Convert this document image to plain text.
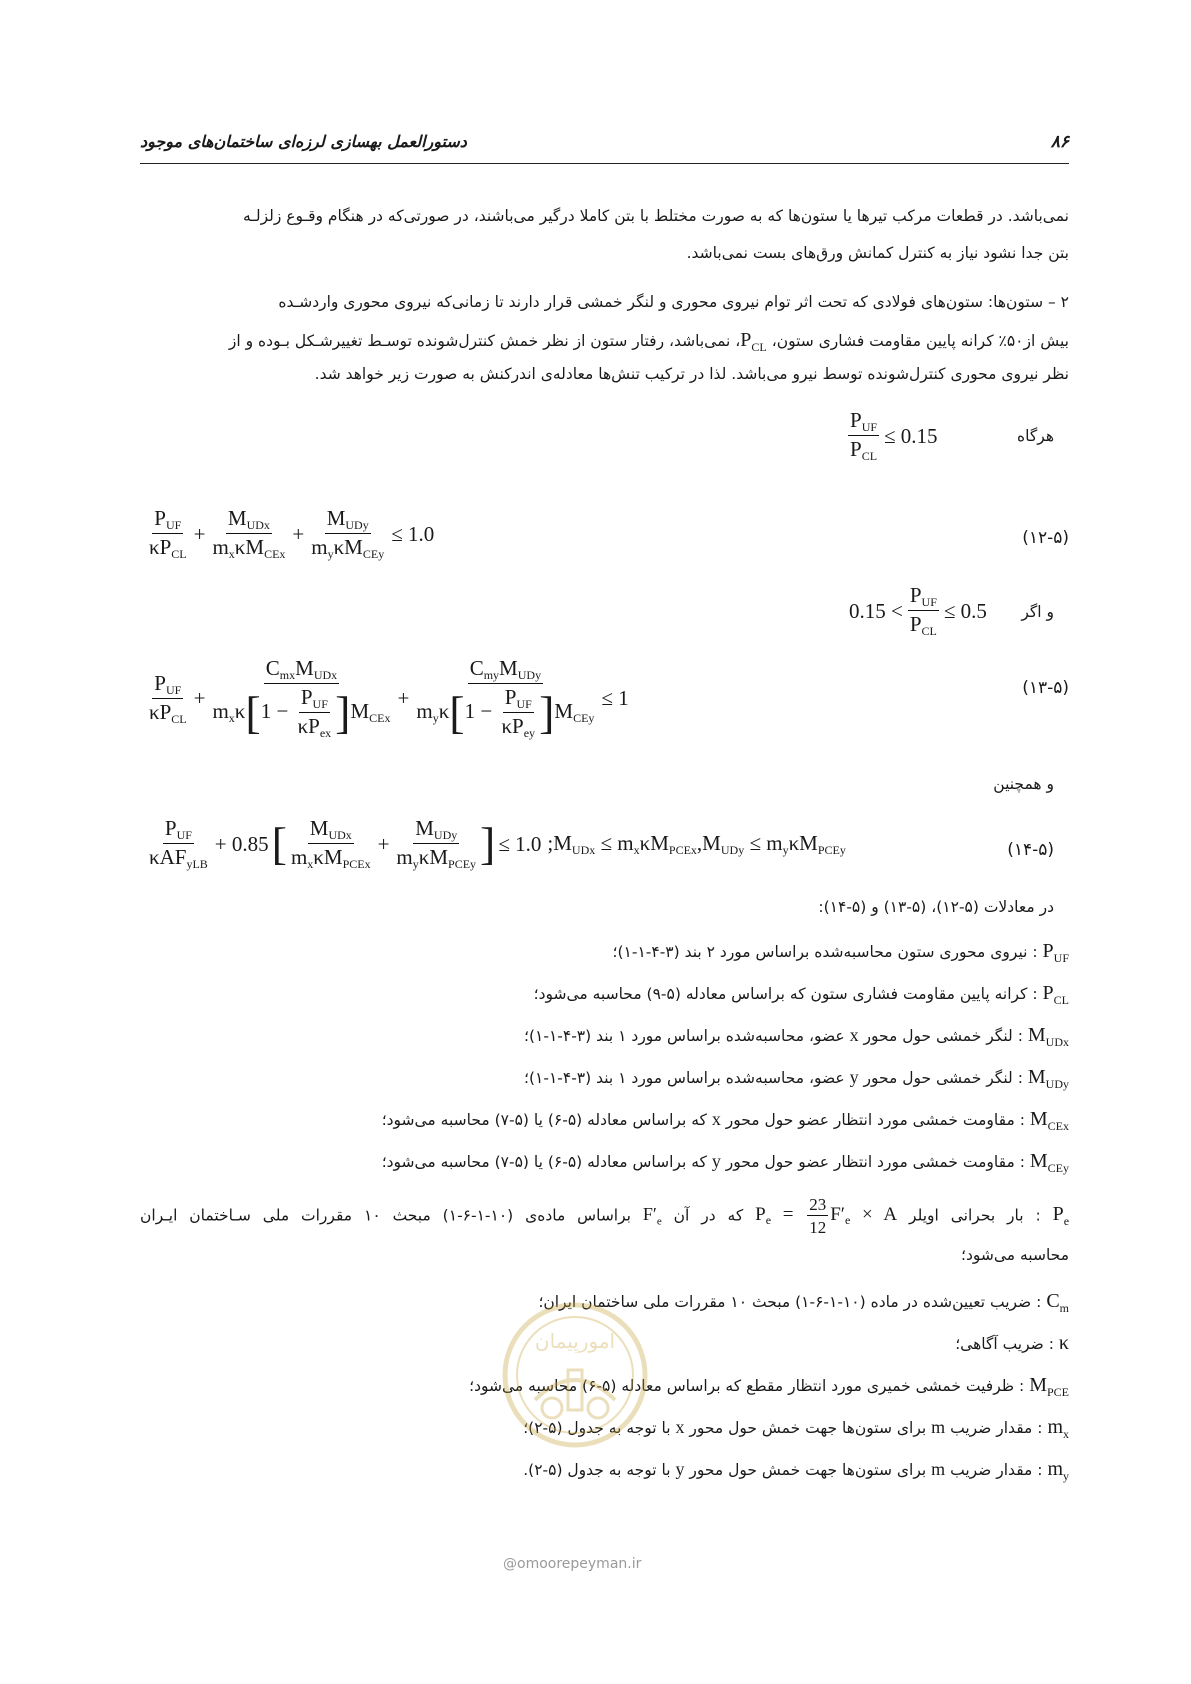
۸۶
دستورالعمل بهسازی لرزه‌ای ساختمان‌های موجود
نمی‌باشد. در قطعات مرکب تیرها یا ستون‌ها که به صورت مختلط با بتن کاملا درگیر می‌باشند، در صورتی‌که در هنگام وقـوع زلزلـه
بتن جدا نشود نیاز به کنترل کمانش ورق‌های بست نمی‌باشد.
۲ – ستون‌ها: ستون‌های فولادی که تحت اثر توام نیروی محوری و لنگر خمشی قرار دارند تا زمانی‌که نیروی محوری واردشـده
بیش از۵۰٪ کرانه پایین مقاومت فشاری ستون، $P_{CL}،$ نمی‌باشد، رفتار ستون از نظر خمش کنترل‌شونده توسـط تغییرشـکل بـوده و از
نظر نیروی محوری کنترل‌شونده توسط نیرو می‌باشد. لذا در ترکیب تنش‌ها معادله‌ی اندرکنش به صورت زیر خواهد شد.
هرگاه
$\frac{P_{UF}}{P_{CL}} \le 0.15$
$\frac{P_{UF}}{\kappa P_{CL}} + \frac{M_{UDx}}{m_x\kappa M_{CEx}} + \frac{M_{UDy}}{m_y\kappa M_{CEy}} \le 1.0$	(۱۲-۵)
و اگر
$0.15 < \frac{P_{UF}}{P_{CL}} \le 0.5$
$\frac{P_{UF}}{\kappa P_{CL}} + \frac{C_{mx}M_{UDx}}{m_x\kappa[1 - \frac{P_{UF}}{\kappa P_{ex}} ]M_{CEx}} + \frac{C_{my}M_{UDy}}{m_y\kappa[1 - \frac{P_{UF}}{\kappa P_{ey}} ]M_{CEy}} \le 1$	(۱۳-۵)
و همچنین
$\frac{P_{UF}}{\kappa AF_{yLB}} + 0.85[ \frac{M_{UDx}}{m_x\kappa M_{PCEx}} + \frac{M_{UDy}}{m_y\kappa M_{PCEy}}$ ] ≤ 1.0 $;M_{UDx} \le m_x\kappa M_{PCEx},M_{UDy} \le m_y\kappa M_{PCEy}$	(۱۴-۵)
در معادلات (۵-۱۲)، (۵-۱۳) و (۵-۱۴):
$P_{UF}$ : نیروی محوری ستون محاسبه‌شده براساس مورد ۲ بند (۳-۴-۱-۱)؛
$P_{CL}$ : کرانه پایین مقاومت فشاری ستون که براساس معادله (۵-۹) محاسبه می‌شود؛
$M_{UDx}$ : لنگر خمشی حول محور x عضو، محاسبه‌شده براساس مورد ۱ بند (۳-۴-۱-۱)؛
$M_{UDy}$ : لنگر خمشی حول محور y عضو، محاسبه‌شده براساس مورد ۱ بند (۳-۴-۱-۱)؛
$M_{CEx}$ : مقاومت خمشی مورد انتظار عضو حول محور x که براساس معادله (۵-۶) یا (۵-۷) محاسبه می‌شود؛
$M_{CEy}$ : مقاومت خمشی مورد انتظار عضو حول محور y که براساس معادله (۵-۶) یا (۵-۷) محاسبه می‌شود؛
$P_e$ : بار بحرانی اویلر $P_e = \frac{23}{12} F'_e \times A$ که در آن $F'_e$ براساس ماده‌ی (۱۰-۱-۶-۱) مبحث ۱۰ مقررات ملی سـاختمان ایـران
محاسبه می‌شود؛
$C_m$ : ضریب تعیین‌شده در ماده (۱۰-۱-۶-۱) مبحث ۱۰ مقررات ملی ساختمان ایران؛
κ : ضریب آگاهی؛
$M_{PCE}$ : ظرفیت خمشی خمیری مورد انتظار مقطع که براساس معادله (۵-۶) محاسبه می‌شود؛
$m_x$ : مقدار ضریب m برای ستون‌ها جهت خمش حول محور x با توجه به جدول (۵-۲)؛
$m_y$ : مقدار ضریب m برای ستون‌ها جهت خمش حول محور y با توجه به جدول (۵-۲).
امورپیمان
@omoorepeyman.ir
